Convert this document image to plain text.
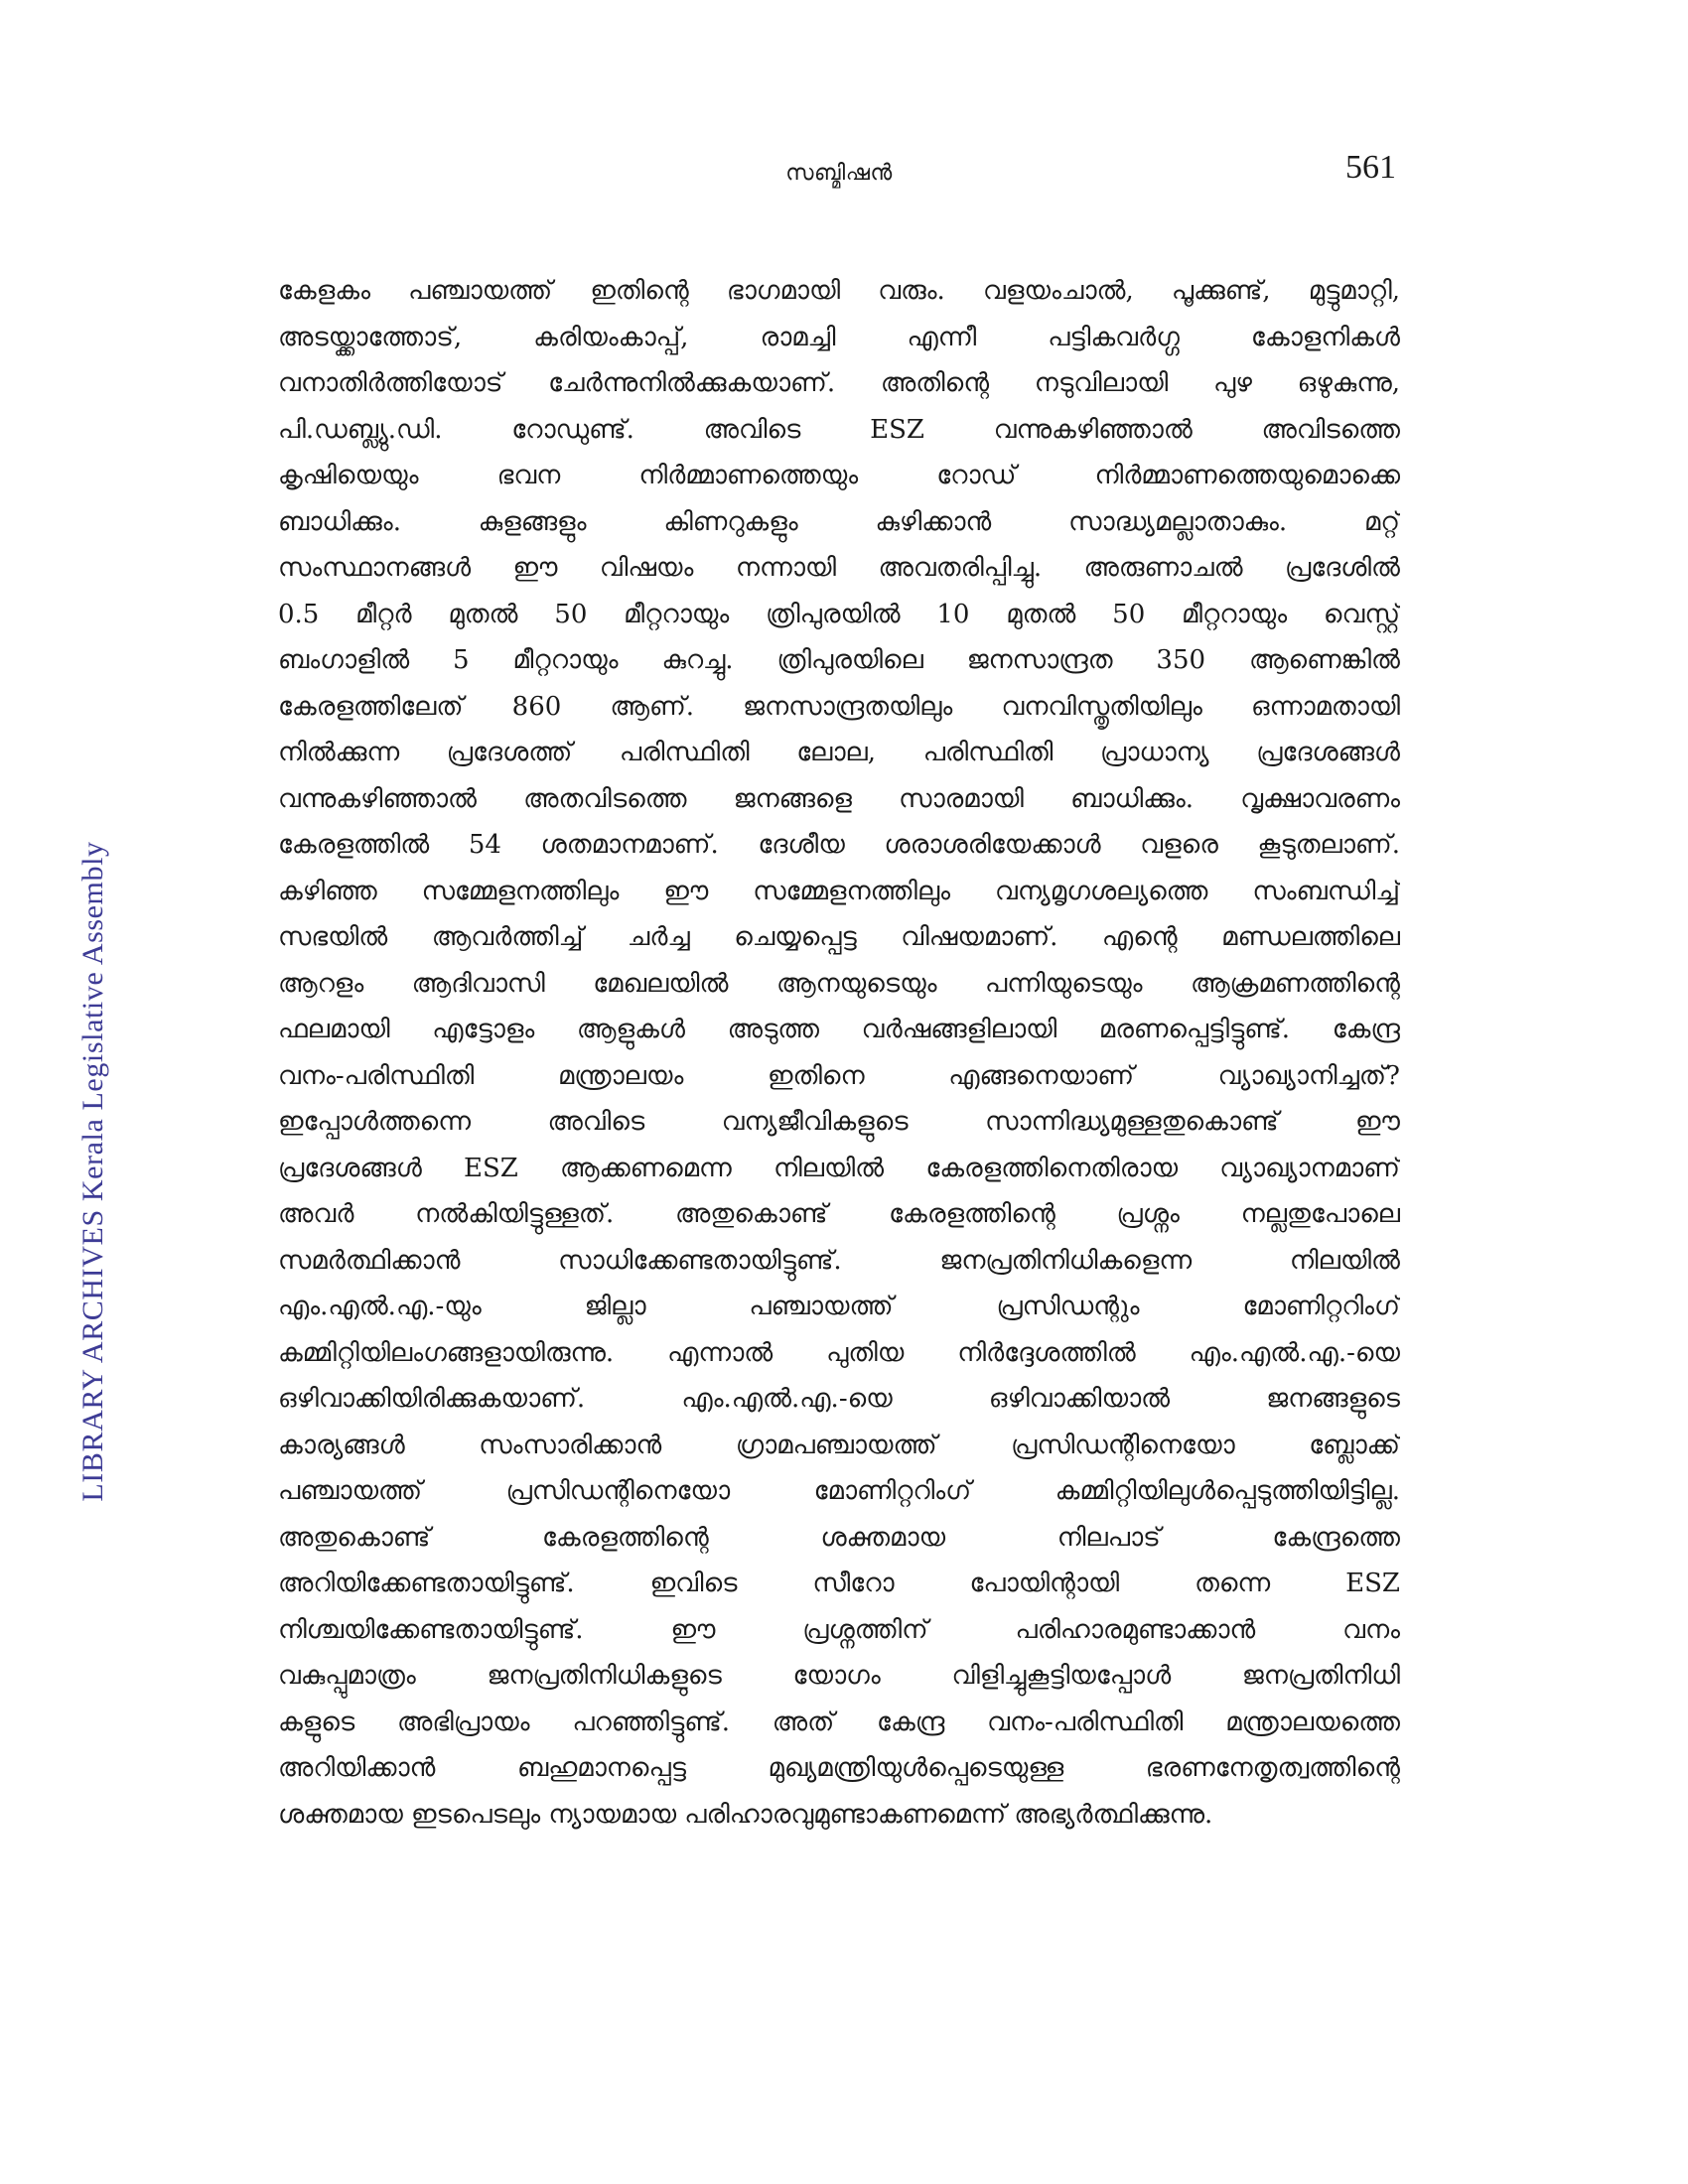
സബ്മിഷൻ	561
LIBRARY ARCHIVES Kerala Legislative Assembly
കേളകം പഞ്ചായത്ത് ഇതിന്റെ ഭാഗമായി വരും. വളയംചാൽ, പൂക്കുണ്ട്, മുട്ടുമാറ്റി,
അടയ്ക്കാത്തോട്, കരിയംകാപ്പ്, രാമച്ചി എന്നീ പട്ടികവർഗ്ഗ കോളനികൾ
വനാതിർത്തിയോട് ചേർന്നുനിൽക്കുകയാണ്. അതിന്റെ നടുവിലായി പുഴ ഒഴുകുന്നു,
പി.ഡബ്ല്യു.ഡി. റോഡുണ്ട്. അവിടെ ESZ വന്നുകഴിഞ്ഞാൽ അവിടത്തെ
കൃഷിയെയും ഭവന നിർമ്മാണത്തെയും റോഡ് നിർമ്മാണത്തെയുമൊക്കെ
ബാധിക്കും. കുളങ്ങളും കിണറുകളും കുഴിക്കാൻ സാദ്ധ്യമല്ലാതാകും. മറ്റ്
സംസ്ഥാനങ്ങൾ ഈ വിഷയം നന്നായി അവതരിപ്പിച്ചു. അരുണാചൽ പ്രദേശിൽ
0.5 മീറ്റർ മുതൽ 50 മീറ്ററായും ത്രിപുരയിൽ 10 മുതൽ 50 മീറ്ററായും വെസ്റ്റ്
ബംഗാളിൽ 5 മീറ്ററായും കുറച്ചു. ത്രിപുരയിലെ ജനസാന്ദ്രത 350 ആണെങ്കിൽ
കേരളത്തിലേത് 860 ആണ്. ജനസാന്ദ്രതയിലും വനവിസ്തൃതിയിലും ഒന്നാമതായി
നിൽക്കുന്ന പ്രദേശത്ത് പരിസ്ഥിതി ലോല, പരിസ്ഥിതി പ്രാധാന്യ പ്രദേശങ്ങൾ
വന്നുകഴിഞ്ഞാൽ അതവിടത്തെ ജനങ്ങളെ സാരമായി ബാധിക്കും. വൃക്ഷാവരണം
കേരളത്തിൽ 54 ശതമാനമാണ്. ദേശീയ ശരാശരിയേക്കാൾ വളരെ കൂടുതലാണ്.
കഴിഞ്ഞ സമ്മേളനത്തിലും ഈ സമ്മേളനത്തിലും വന്യമൃഗശല്യത്തെ സംബന്ധിച്ച്
സഭയിൽ ആവർത്തിച്ച് ചർച്ച ചെയ്യപ്പെട്ട വിഷയമാണ്. എന്റെ മണ്ഡലത്തിലെ
ആറളം ആദിവാസി മേഖലയിൽ ആനയുടെയും പന്നിയുടെയും ആക്രമണത്തിന്റെ
ഫലമായി എട്ടോളം ആളുകൾ അടുത്ത വർഷങ്ങളിലായി മരണപ്പെട്ടിട്ടുണ്ട്. കേന്ദ്ര
വനം-പരിസ്ഥിതി മന്ത്രാലയം ഇതിനെ എങ്ങനെയാണ് വ്യാഖ്യാനിച്ചത്?
ഇപ്പോൾത്തന്നെ അവിടെ വന്യജീവികളുടെ സാന്നിദ്ധ്യമുള്ളതുകൊണ്ട് ഈ
പ്രദേശങ്ങൾ ESZ ആക്കണമെന്ന നിലയിൽ കേരളത്തിനെതിരായ വ്യാഖ്യാനമാണ്
അവർ നൽകിയിട്ടുള്ളത്. അതുകൊണ്ട് കേരളത്തിന്റെ പ്രശ്നം നല്ലതുപോലെ
സമർത്ഥിക്കാൻ സാധിക്കേണ്ടതായിട്ടുണ്ട്. ജനപ്രതിനിധികളെന്ന നിലയിൽ
എം.എൽ.എ.-യും ജില്ലാ പഞ്ചായത്ത് പ്രസിഡന്റും മോണിറ്ററിംഗ്
കമ്മിറ്റിയിലംഗങ്ങളായിരുന്നു. എന്നാൽ പുതിയ നിർദ്ദേശത്തിൽ എം.എൽ.എ.-യെ
ഒഴിവാക്കിയിരിക്കുകയാണ്. എം.എൽ.എ.-യെ ഒഴിവാക്കിയാൽ ജനങ്ങളുടെ
കാര്യങ്ങൾ സംസാരിക്കാൻ ഗ്രാമപഞ്ചായത്ത് പ്രസിഡന്റിനെയോ ബ്ലോക്ക്
പഞ്ചായത്ത് പ്രസിഡന്റിനെയോ മോണിറ്ററിംഗ് കമ്മിറ്റിയിലുൾപ്പെടുത്തിയിട്ടില്ല.
അതുകൊണ്ട് കേരളത്തിന്റെ ശക്തമായ നിലപാട് കേന്ദ്രത്തെ
അറിയിക്കേണ്ടതായിട്ടുണ്ട്. ഇവിടെ സീറോ പോയിന്റായി തന്നെ ESZ
നിശ്ചയിക്കേണ്ടതായിട്ടുണ്ട്. ഈ പ്രശ്നത്തിന് പരിഹാരമുണ്ടാക്കാൻ വനം
വകുപ്പുമാത്രം ജനപ്രതിനിധികളുടെ യോഗം വിളിച്ചുകൂട്ടിയപ്പോൾ ജനപ്രതിനിധി
കളുടെ അഭിപ്രായം പറഞ്ഞിട്ടുണ്ട്. അത് കേന്ദ്ര വനം-പരിസ്ഥിതി മന്ത്രാലയത്തെ
അറിയിക്കാൻ ബഹുമാനപ്പെട്ട മുഖ്യമന്ത്രിയുൾപ്പെടെയുള്ള ഭരണനേതൃത്വത്തിന്റെ
ശക്തമായ ഇടപെടലും ന്യായമായ പരിഹാരവുമുണ്ടാകണമെന്ന് അഭ്യർത്ഥിക്കുന്നു.
